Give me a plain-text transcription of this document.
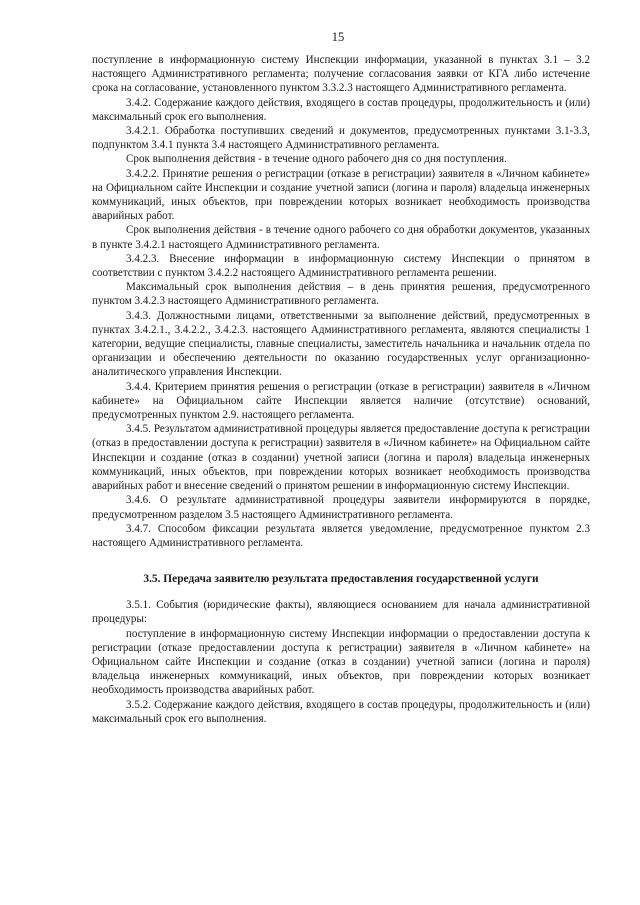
15

поступление в информационную систему Инспекции информации, указанной в пунктах 3.1 – 3.2 настоящего Административного регламента; получение согласования заявки от КГА либо истечение срока на согласование, установленного пунктом 3.3.2.3 настоящего Административного регламента.

3.4.2. Содержание каждого действия, входящего в состав процедуры, продолжительность и (или) максимальный срок его выполнения.

3.4.2.1. Обработка поступивших сведений и документов, предусмотренных пунктами 3.1-3.3, подпунктом 3.4.1 пункта 3.4 настоящего Административного регламента.

Срок выполнения действия - в течение одного рабочего дня со дня поступления.

3.4.2.2. Принятие решения о регистрации (отказе в регистрации) заявителя в «Личном кабинете» на Официальном сайте Инспекции и создание учетной записи (логина и пароля) владельца инженерных коммуникаций, иных объектов, при повреждении которых возникает необходимость производства аварийных работ.

Срок выполнения действия - в течение одного рабочего со дня обработки документов, указанных в пункте 3.4.2.1 настоящего Административного регламента.

3.4.2.3. Внесение информации в информационную систему Инспекции о принятом в соответствии с пунктом 3.4.2.2 настоящего Административного регламента решении.

Максимальный срок выполнения действия – в день принятия решения, предусмотренного пунктом 3.4.2.3 настоящего Административного регламента.

3.4.3. Должностными лицами, ответственными за выполнение действий, предусмотренных в пунктах 3.4.2.1., 3.4.2.2., 3.4.2.3. настоящего Административного регламента, являются специалисты 1 категории, ведущие специалисты, главные специалисты, заместитель начальника и начальник отдела по организации и обеспечению деятельности по оказанию государственных услуг организационно-аналитического управления Инспекции.

3.4.4. Критерием принятия решения о регистрации (отказе в регистрации) заявителя в «Личном кабинете» на Официальном сайте Инспекции является наличие (отсутствие) оснований, предусмотренных пунктом 2.9. настоящего регламента.

3.4.5. Результатом административной процедуры является предоставление доступа к регистрации (отказ в предоставлении доступа к регистрации) заявителя в «Личном кабинете» на Официальном сайте Инспекции и создание (отказ в создании) учетной записи (логина и пароля) владельца инженерных коммуникаций, иных объектов, при повреждении которых возникает необходимость производства аварийных работ и внесение сведений о принятом решении в информационную систему Инспекции.

3.4.6. О результате административной процедуры заявители информируются в порядке, предусмотренном разделом 3.5 настоящего Административного регламента.

3.4.7. Способом фиксации результата является уведомление, предусмотренное пунктом 2.3 настоящего Административного регламента.

3.5. Передача заявителю результата предоставления государственной услуги

3.5.1. События (юридические факты), являющиеся основанием для начала административной процедуры:

поступление в информационную систему Инспекции информации о предоставлении доступа к регистрации (отказе предоставлении доступа к регистрации) заявителя в «Личном кабинете» на Официальном сайте Инспекции и создание (отказ в создании) учетной записи (логина и пароля) владельца инженерных коммуникаций, иных объектов, при повреждении которых возникает необходимость производства аварийных работ.

3.5.2. Содержание каждого действия, входящего в состав процедуры, продолжительность и (или) максимальный срок его выполнения.
